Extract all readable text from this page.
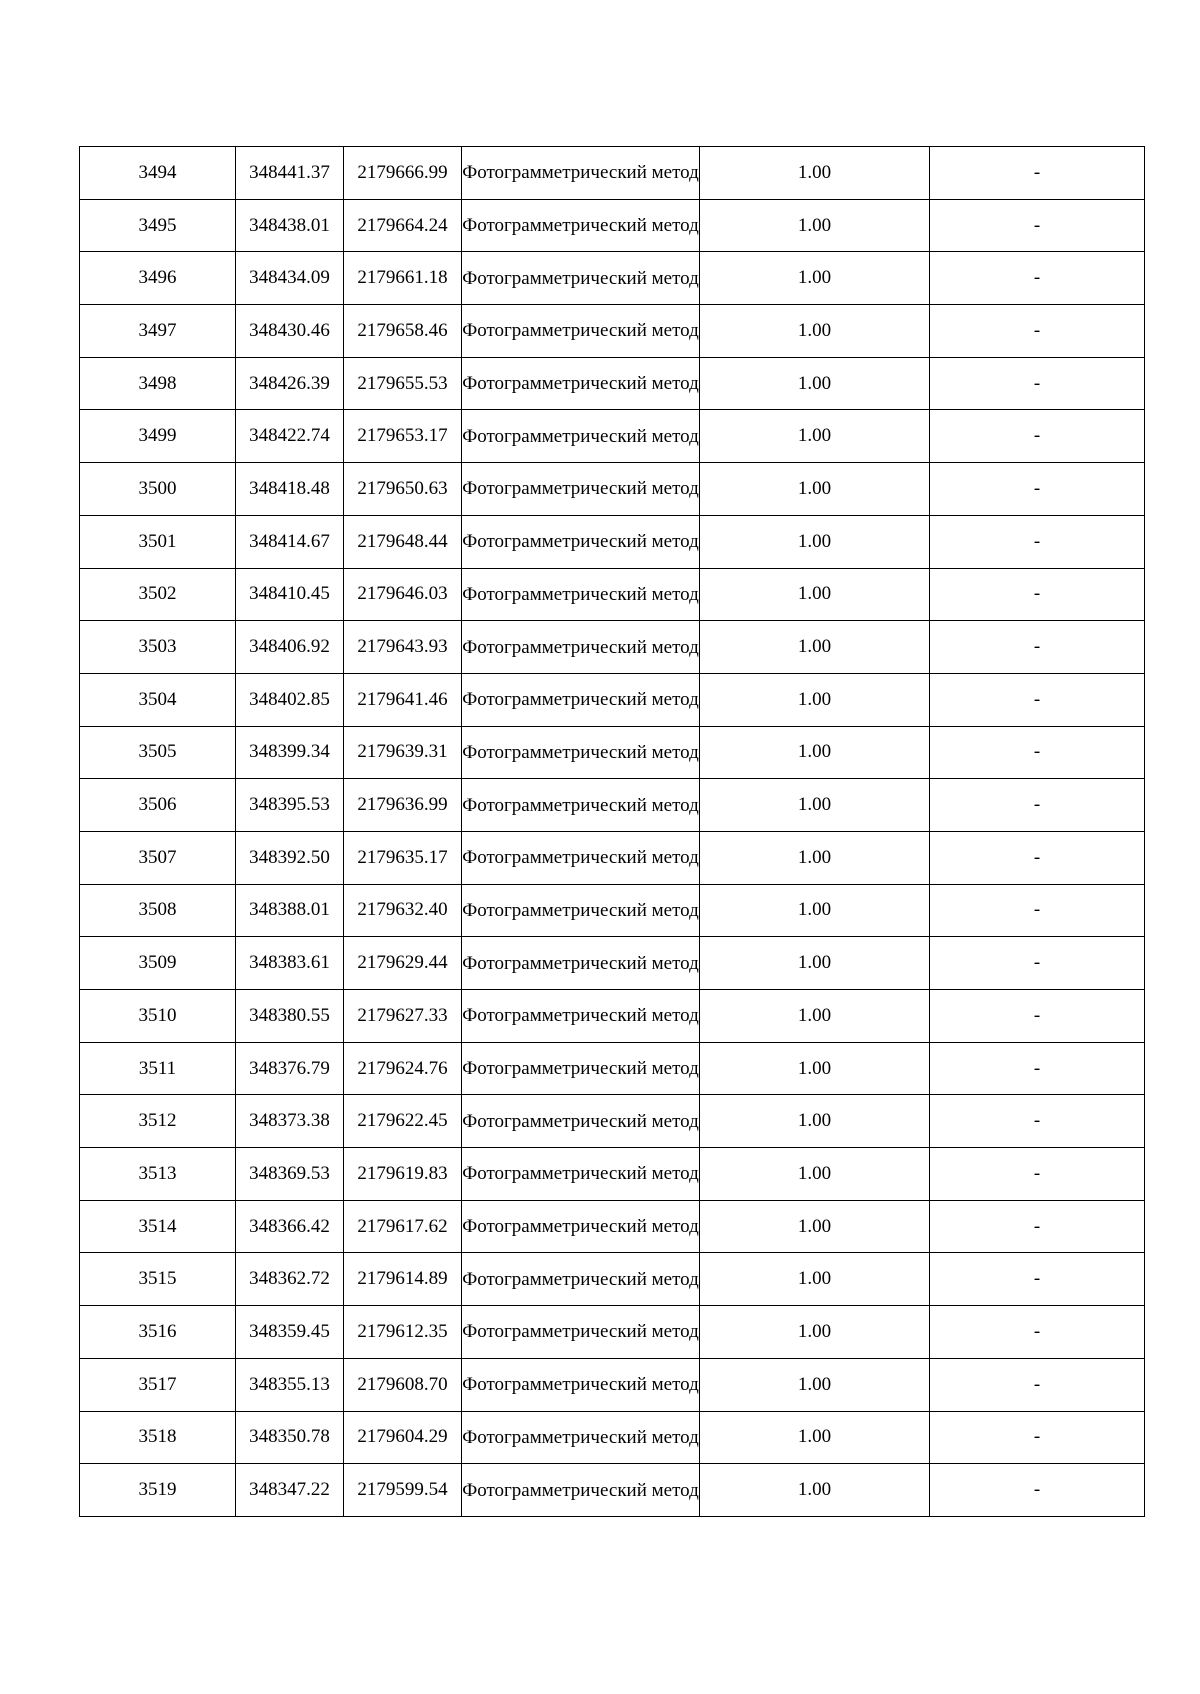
3494	348441.37	2179666.99	Фотограмметрический метод	1.00	-
3495	348438.01	2179664.24	Фотограмметрический метод	1.00	-
3496	348434.09	2179661.18	Фотограмметрический метод	1.00	-
3497	348430.46	2179658.46	Фотограмметрический метод	1.00	-
3498	348426.39	2179655.53	Фотограмметрический метод	1.00	-
3499	348422.74	2179653.17	Фотограмметрический метод	1.00	-
3500	348418.48	2179650.63	Фотограмметрический метод	1.00	-
3501	348414.67	2179648.44	Фотограмметрический метод	1.00	-
3502	348410.45	2179646.03	Фотограмметрический метод	1.00	-
3503	348406.92	2179643.93	Фотограмметрический метод	1.00	-
3504	348402.85	2179641.46	Фотограмметрический метод	1.00	-
3505	348399.34	2179639.31	Фотограмметрический метод	1.00	-
3506	348395.53	2179636.99	Фотограмметрический метод	1.00	-
3507	348392.50	2179635.17	Фотограмметрический метод	1.00	-
3508	348388.01	2179632.40	Фотограмметрический метод	1.00	-
3509	348383.61	2179629.44	Фотограмметрический метод	1.00	-
3510	348380.55	2179627.33	Фотограмметрический метод	1.00	-
3511	348376.79	2179624.76	Фотограмметрический метод	1.00	-
3512	348373.38	2179622.45	Фотограмметрический метод	1.00	-
3513	348369.53	2179619.83	Фотограмметрический метод	1.00	-
3514	348366.42	2179617.62	Фотограмметрический метод	1.00	-
3515	348362.72	2179614.89	Фотограмметрический метод	1.00	-
3516	348359.45	2179612.35	Фотограмметрический метод	1.00	-
3517	348355.13	2179608.70	Фотограмметрический метод	1.00	-
3518	348350.78	2179604.29	Фотограмметрический метод	1.00	-
3519	348347.22	2179599.54	Фотограмметрический метод	1.00	-
